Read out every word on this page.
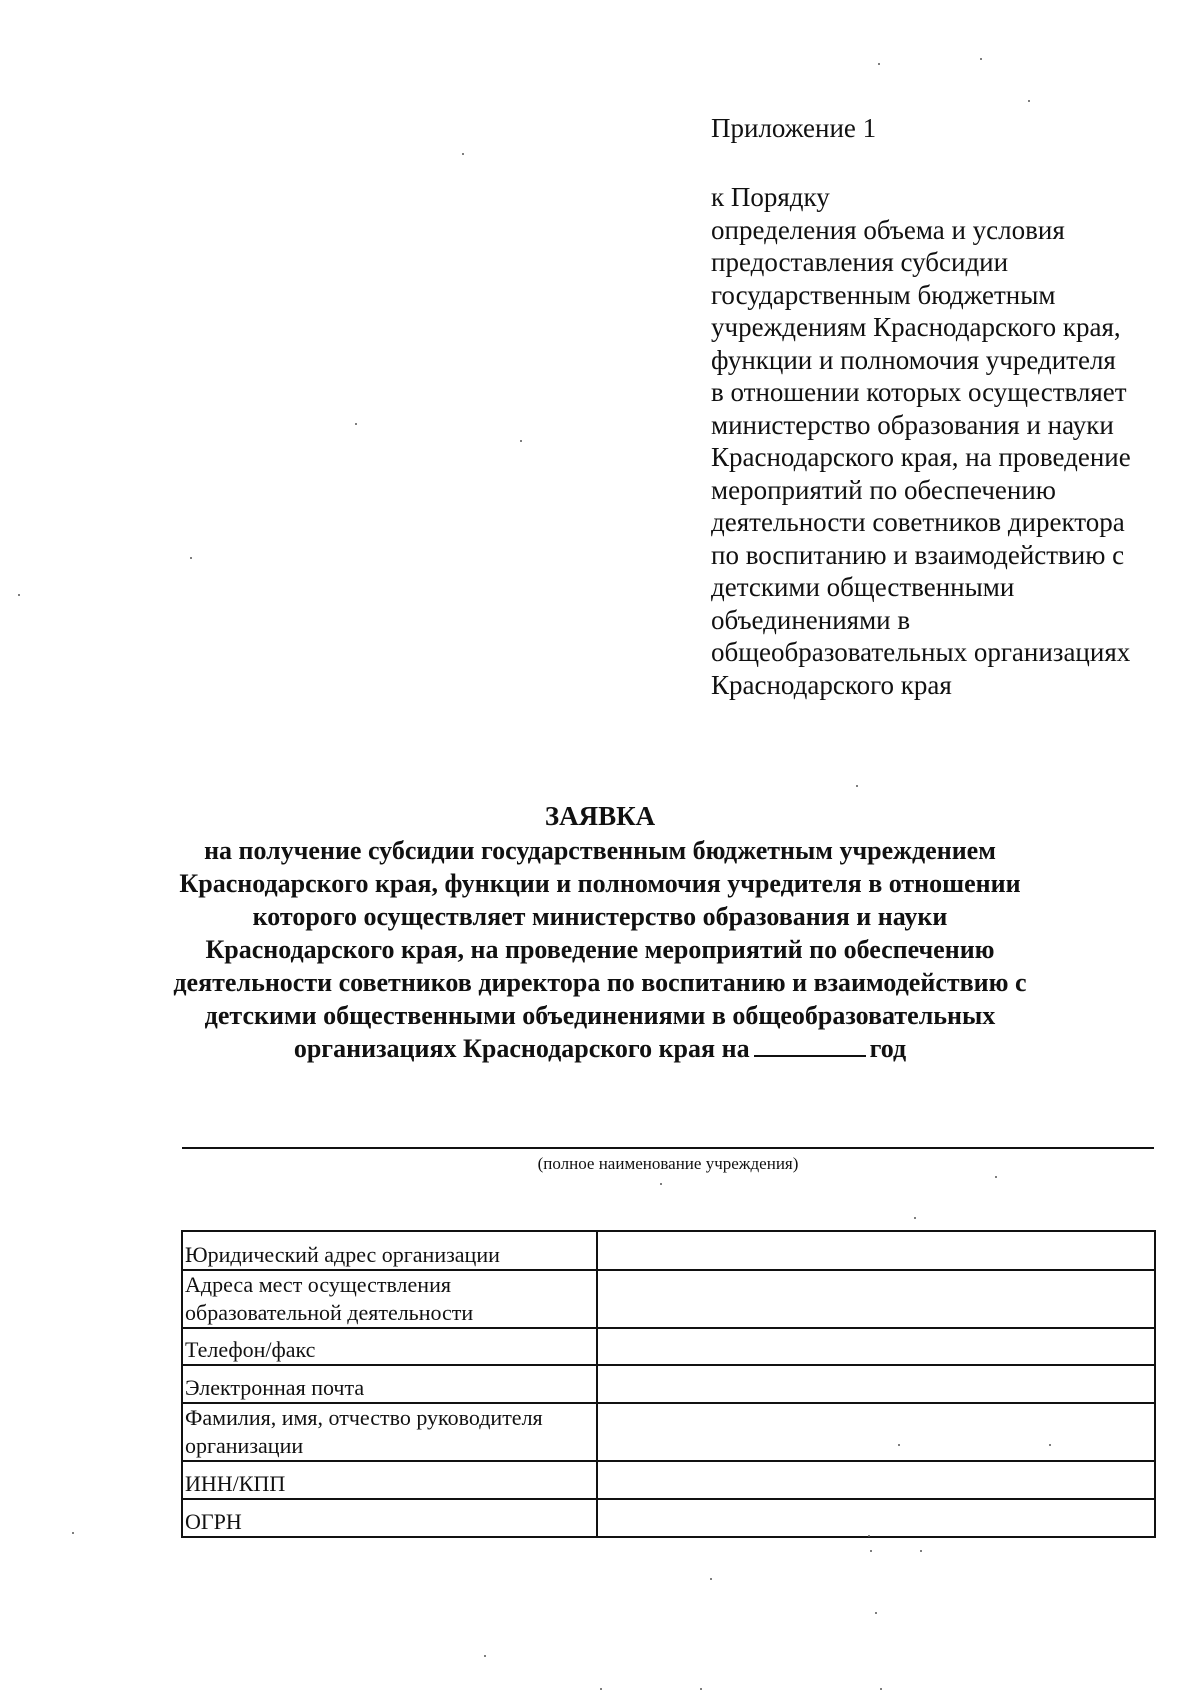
Приложение 1
к Порядку
определения объема и условия
предоставления субсидии
государственным бюджетным
учреждениям Краснодарского края,
функции и полномочия учредителя
в отношении которых осуществляет
министерство образования и науки
Краснодарского края, на проведение
мероприятий по обеспечению
деятельности советников директора
по воспитанию и взаимодействию с
детскими общественными
объединениями в
общеобразовательных организациях
Краснодарского края
ЗАЯВКА
на получение субсидии государственным бюджетным учреждением
Краснодарского края, функции и полномочия учредителя в отношении
которого осуществляет министерство образования и науки
Краснодарского края, на проведение мероприятий по обеспечению
деятельности советников директора по воспитанию и взаимодействию с
детскими общественными объединениями в общеобразовательных
организациях Краснодарского края на	год
(полное наименование учреждения)
Юридический адрес организации	
Адреса мест осуществления образовательной деятельности	
Телефон/факс	
Электронная почта	
Фамилия, имя, отчество руководителя организации	
ИНН/КПП	
ОГРН	
